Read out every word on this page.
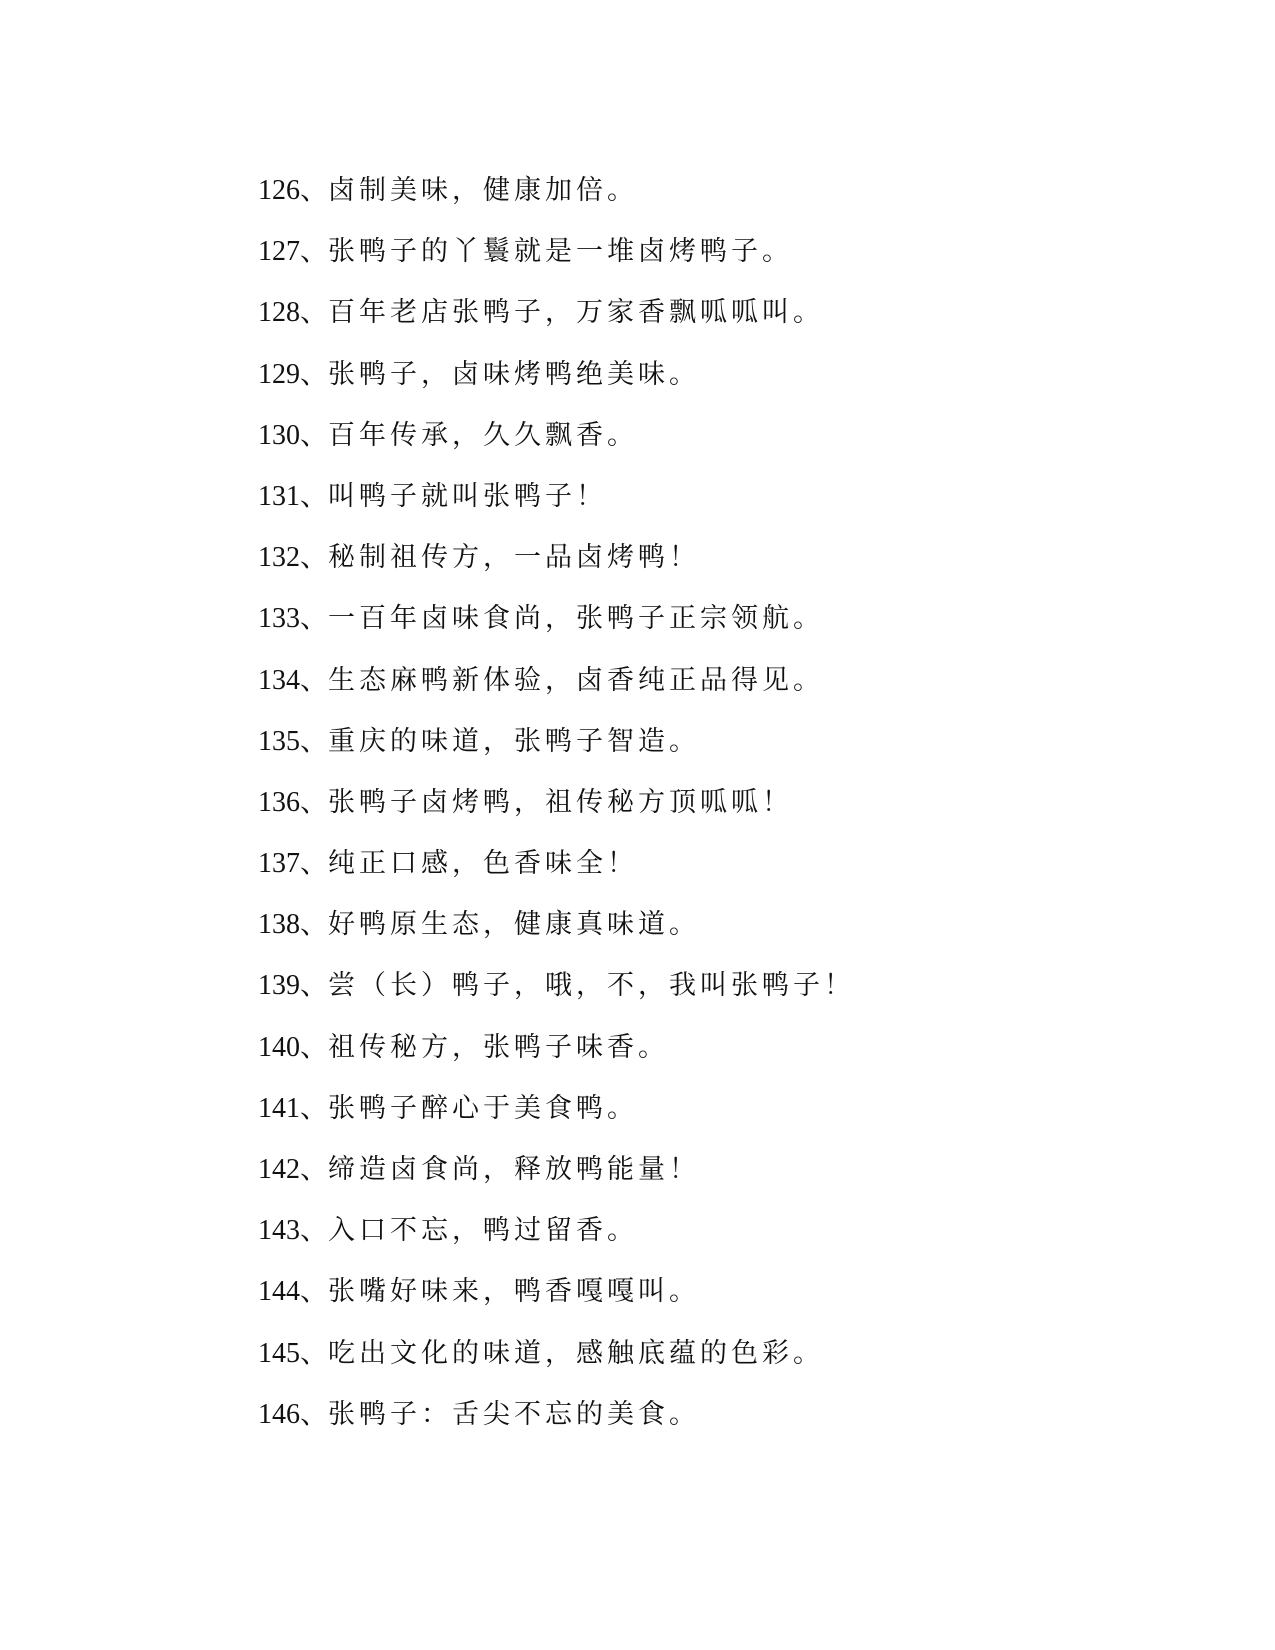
126、卤制美味，健康加倍。
127、张鸭子的丫鬟就是一堆卤烤鸭子。
128、百年老店张鸭子，万家香飘呱呱叫。
129、张鸭子，卤味烤鸭绝美味。
130、百年传承，久久飘香。
131、叫鸭子就叫张鸭子！
132、秘制祖传方，一品卤烤鸭！
133、一百年卤味食尚，张鸭子正宗领航。
134、生态麻鸭新体验，卤香纯正品得见。
135、重庆的味道，张鸭子智造。
136、张鸭子卤烤鸭，祖传秘方顶呱呱！
137、纯正口感，色香味全！
138、好鸭原生态，健康真味道。
139、尝（长）鸭子，哦，不，我叫张鸭子！
140、祖传秘方，张鸭子味香。
141、张鸭子醉心于美食鸭。
142、缔造卤食尚，释放鸭能量！
143、入口不忘，鸭过留香。
144、张嘴好味来，鸭香嘎嘎叫。
145、吃出文化的味道，感触底蕴的色彩。
146、张鸭子：舌尖不忘的美食。
